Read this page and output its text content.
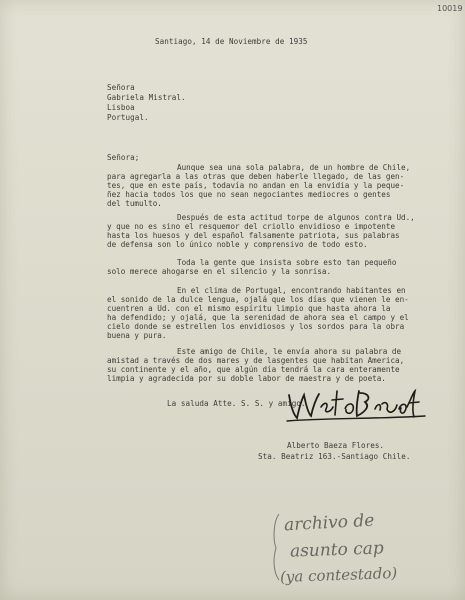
10019
Santiago, 14 de Noviembre de 1935
Señora
Gabriela Mistral.
Lisboa
Portugal.
Señora;
Aunque sea una sola palabra, de un hombre de Chile,
para agregarla a las otras que deben haberle llegado, de las gen-
tes, que en este país, todavía no andan en la envidia y la peque-
ñez hacia todos los que no sean negociantes mediocres o gentes
del tumulto.
Después de esta actitud torpe de algunos contra Ud.,
y que no es sino el resquemor del criollo envidioso e impotente
hasta los huesos y del español falsamente patriota, sus palabras
de defensa son lo único noble y comprensivo de todo esto.
Toda la gente que insista sobre esto tan pequeño
solo merece ahogarse en el silencio y la sonrisa.
En el clima de Portugal, encontrando habitantes en
el sonido de la dulce lengua, ojalá que los días que vienen le en-
cuentren a Ud. con el mismo espíritu limpio que hasta ahora la
ha defendido; y ojalá, que la serenidad de ahora sea el campo y el
cielo donde se estrellen los envidiosos y los sordos para la obra
buena y pura.
Este amigo de Chile, le envía ahora su palabra de
amistad a través de dos mares y de lasgentes que habitan America,
su continente y el año, que algún día tendrá la cara enteramente
limpia y agradecida por su doble labor de maestra y de poeta.
La saluda Atte. S. S. y amigo.
Alberto Baeza Flores.
Sta. Beatriz 163.-Santiago Chile.
archivo de
asunto cap
(ya contestado)
